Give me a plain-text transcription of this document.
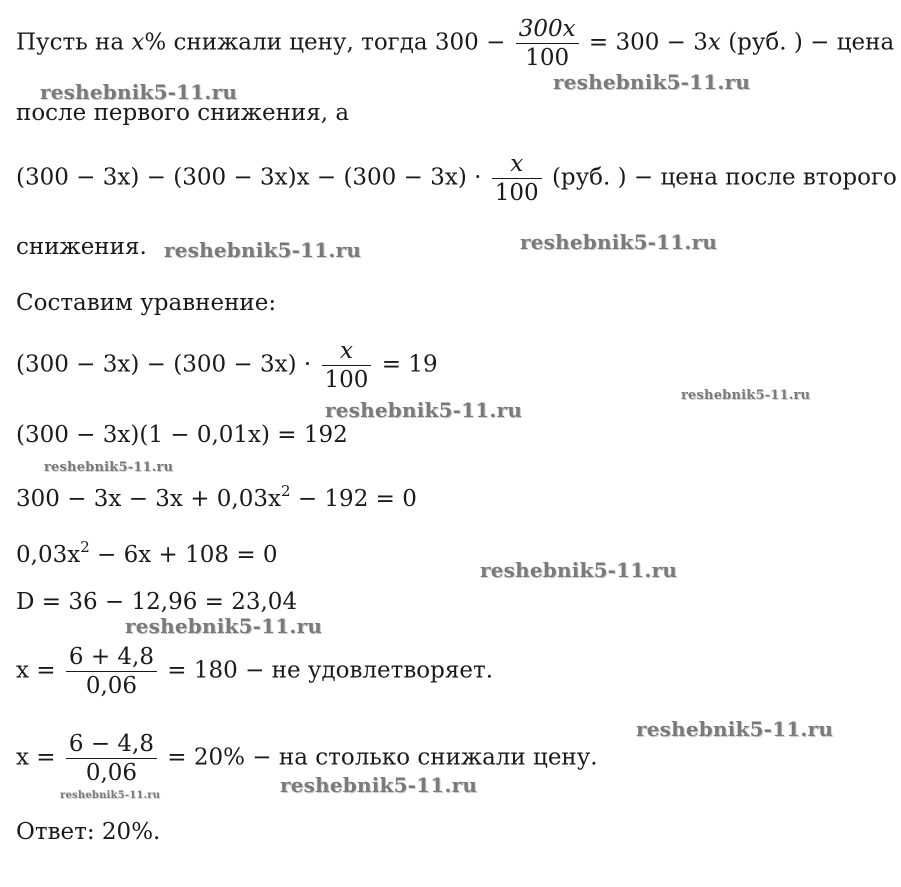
Пусть на x% снижали цену, тогда $300 - \frac{300x}{100} = 300 - 3x$ (руб. ) − цена
после первого снижения, а
$(300 - 3x) - (300 - 3x)x - (300 - 3x) \cdot \frac{x}{100} (руб$. ) − цена после второго
снижения.
Составим уравнение:
$(300 - 3x) - (300 - 3x) \cdot \frac{x}{100} = 19$
(300 − 3x)(1 − 0,01x) = 192
$300 - 3x - 3x + 0,03x^2 - 192 = 0$
$0,03x^2 - 6x + 108 = 0$
D = 36 − 12,96 = 23,04
$x = \frac{6 + 4,8}{0,06} = 180$ − не удовлетворяет.
$x = \frac{6 - 4,8}{0,06} = 20\%$ − на столько снижали цену.
Ответ: 20%.
reshebnik5-11.ru	reshebnik5-11.ru
reshebnik5-11.ru	reshebnik5-11.ru
reshebnik5-11.ru
reshebnik5-11.ru
reshebnik5-11.ru
reshebnik5-11.ru
reshebnik5-11.ru
reshebnik5-11.ru
reshebnik5-11.ru	reshebnik5-11.ru
